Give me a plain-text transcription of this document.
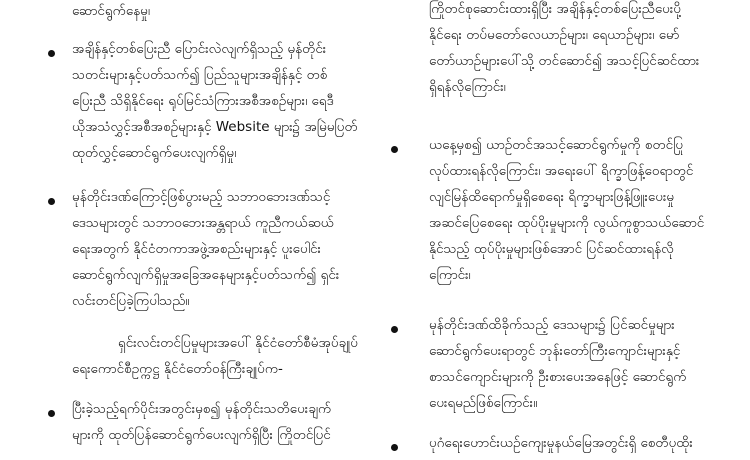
ဆောင်ရွက်နေမှု၊
အချိန်နှင့်တစ်ပြေးညီ ပြောင်းလဲလျက်ရှိသည့် မှန်တိုင်း
သတင်းများနှင့်ပတ်သက်၍ ပြည်သူများအချိန်နှင့် တစ်
ပြေးညီ သိရှိနိုင်ရေး ရုပ်မြင်သံကြားအစီအစဉ်များ၊ ရေဒီ
ယိုအသံလွှင့်အစီအစဉ်များနှင့် Website များ၌ အမြဲမပြတ်
ထုတ်လွှင့်ဆောင်ရွက်ပေးလျက်ရှိမှု၊
မုန်တိုင်းဒဏ်ကြောင့်ဖြစ်ပွားမည့် သဘာဝဘေးဒဏ်သင့်
ဒေသများတွင် သဘာဝဘေးအန္တရာယ် ကူညီကယ်ဆယ်
ရေးအတွက် နိုင်ငံတကာအဖွဲ့အစည်းများနှင့် ပူးပေါင်း
ဆောင်ရွက်လျက်ရှိမှုအခြေအနေများနှင့်ပတ်သက်၍ ရှင်း
လင်းတင်ပြခဲ့ကြပါသည်။
ရှင်းလင်းတင်ပြမှုများအပေါ် နိုင်ငံတော်စီမံအုပ်ချုပ်
ရေးကောင်စီဥက္ကဋ္ဌ နိုင်ငံတော်ဝန်ကြီးချုပ်က-
ပြီးခဲ့သည့်ရက်ပိုင်းအတွင်းမှစ၍ မုန်တိုင်းသတိပေးချက်
များကို ထုတ်ပြန်ဆောင်ရွက်ပေးလျက်ရှိပြီး ကြိုတင်ပြင်
ကြိုတင်စုဆောင်းထားရှိပြီး အချိန်နှင့်တစ်ပြေးညီပေးပို့
နိုင်ရေး တပ်မတော်လေယာဉ်များ၊ ရေယာဉ်များ၊ မော်
တော်ယာဉ်များပေါ်သို့ တင်ဆောင်၍ အသင့်ပြင်ဆင်ထား
ရှိရန်လိုကြောင်း၊
ယနေ့မှစ၍ ယာဉ်တင်အသင့်ဆောင်ရွက်မှုကို စတင်ပြု
လုပ်ထားရန်လိုကြောင်း၊ အရေးပေါ် ရိက္ခာဖြန့်ဝေရာတွင်
လျင်မြန်ထိရောက်မှုရှိစေရေး ရိက္ခာများဖြန့်ဖြူးပေးမှု
အဆင်ပြေစေရေး ထုပ်ပိုးမှုများကို လွယ်ကူစွာသယ်ဆောင်
နိုင်သည့် ထုပ်ပိုးမှုများဖြစ်အောင် ပြင်ဆင်ထားရန်လို
ကြောင်း၊
မုန်တိုင်းဒဏ်ထိခိုက်သည့် ဒေသများ၌ ပြင်ဆင်မှုများ
ဆောင်ရွက်ပေးရာတွင် ဘုန်းတော်ကြီးကျောင်းများနှင့်
စာသင်ကျောင်းများကို ဦးစားပေးအနေဖြင့် ဆောင်ရွက်
ပေးရမည်ဖြစ်ကြောင်း။
ပုဂံရေးဟောင်းယဉ်ကျေးမှုနယ်မြေအတွင်းရှိ စေတီပုထိုး
